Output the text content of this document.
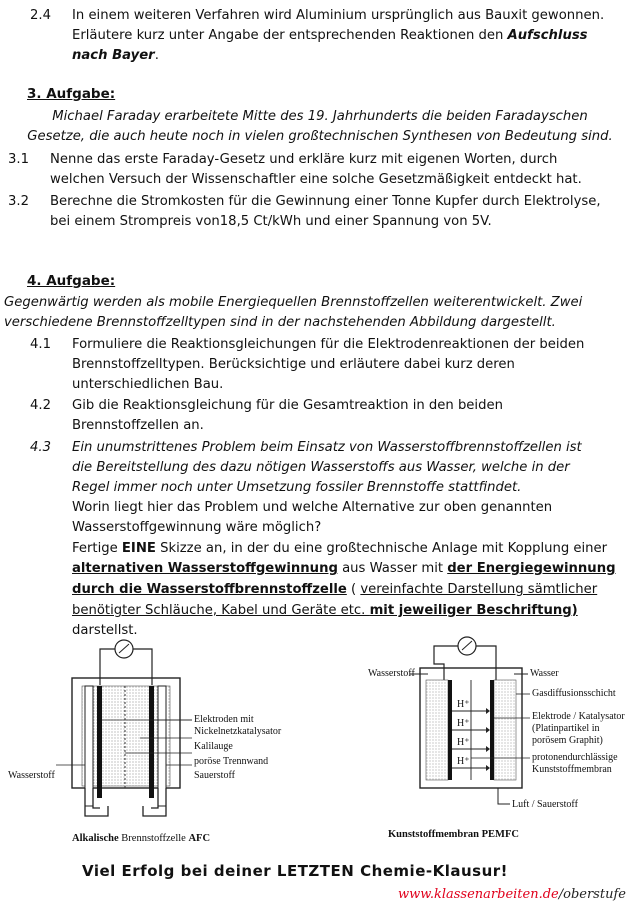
2.4 In einem weiteren Verfahren wird Aluminium ursprünglich aus Bauxit gewonnen.
Erläutere kurz unter Angabe der entsprechenden Reaktionen den Aufschluss
nach Bayer.
3. Aufgabe:
Michael Faraday erarbeitete Mitte des 19. Jahrhunderts die beiden Faradayschen
Gesetze, die auch heute noch in vielen großtechnischen Synthesen von Bedeutung sind.
3.1 Nenne das erste Faraday-Gesetz und erkläre kurz mit eigenen Worten, durch
welchen Versuch der Wissenschaftler eine solche Gesetzmäßigkeit entdeckt hat.
3.2 Berechne die Stromkosten für die Gewinnung einer Tonne Kupfer durch Elektrolyse,
bei einem Strompreis von18,5 Ct/kWh und einer Spannung von 5V.
4. Aufgabe:
Gegenwärtig werden als mobile Energiequellen Brennstoffzellen weiterentwickelt. Zwei
verschiedene Brennstoffzelltypen sind in der nachstehenden Abbildung dargestellt.
4.1 Formuliere die Reaktionsgleichungen für die Elektrodenreaktionen der beiden
Brennstoffzelltypen. Berücksichtige und erläutere dabei kurz deren
unterschiedlichen Bau.
4.2 Gib die Reaktionsgleichung für die Gesamtreaktion in den beiden
Brennstoffzellen an.
4.3 Ein unumstrittenes Problem beim Einsatz von Wasserstoffbrennstoffzellen ist
die Bereitstellung des dazu nötigen Wasserstoffs aus Wasser, welche in der
Regel immer noch unter Umsetzung fossiler Brennstoffe stattfindet.
Worin liegt hier das Problem und welche Alternative zur oben genannten
Wasserstoffgewinnung wäre möglich?
Fertige EINE Skizze an, in der du eine großtechnische Anlage mit Kopplung einer
alternativen Wasserstoffgewinnung aus Wasser mit der Energiegewinnung
durch die Wasserstoffbrennstoffzelle ( vereinfachte Darstellung sämtlicher
benötigter Schläuche, Kabel und Geräte etc. mit jeweiliger Beschriftung)
darstellst.
Elektroden mit
Nickelnetzkatalysator
Kalilauge
poröse Trennwand
Sauerstoff
Wasserstoff
Alkalische Brennstoffzelle AFC
Wasserstoff	Wasser
Gasdiffusionsschicht
Elektrode / Katalysator
(Platinpartikel in
porösem Graphit)
protonendurchlässige
Kunststoffmembran
Luft / Sauerstoff
H⁺
H⁺
H⁺
H⁺
Kunststoffmembran PEMFC
Viel Erfolg bei deiner LETZTEN Chemie-Klausur!
www.klassenarbeiten.de/oberstufe
